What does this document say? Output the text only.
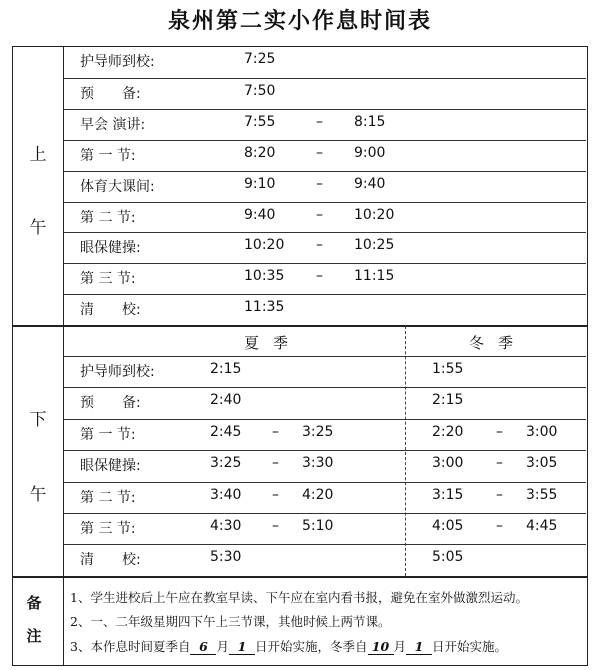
泉州第二实小作息时间表
上
午
护导师到校:	7:25
预　　备:	7:50
早会 演讲:	7:55	– 8:15
第 一 节:	8:20	– 9:00
体育大课间:	9:10	– 9:40
第 二 节:	9:40	– 10:20
眼保健操:	10:20 – 10:25
第 三 节:	10:35 – 11:15
清　　校:	11:35
下
午
夏季	冬季
护导师到校:	2:15	1:55
预　　备:	2:40	2:15
第 一 节:	2:45 – 3:25	2:20 – 3:00
眼保健操:	3:25 – 3:30	3:00 – 3:05
第 二 节:	3:40 – 4:20	3:15 – 3:55
第 三 节:	4:30 – 5:10	4:05 – 4:45
清　　校:	5:30	5:05
备
注
1、学生进校后上午应在教室早读、下午应在室内看书报，避免在室外做激烈运动。
2、一、二年级星期四下午上三节课，其他时候上两节课。
3、本作息时间夏季自 6 月 1 日开始实施，冬季自 10 月 1 日开始实施。
